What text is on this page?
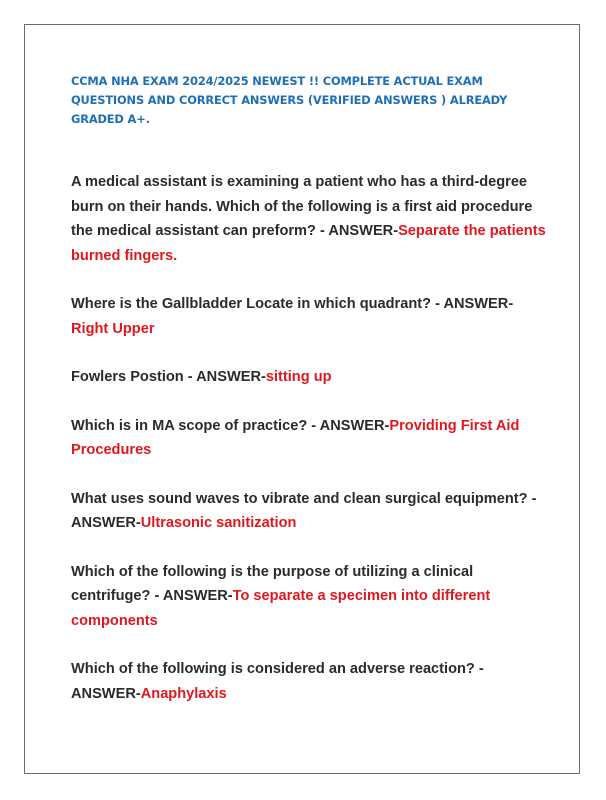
CCMA NHA EXAM 2024/2025 NEWEST !! COMPLETE ACTUAL EXAM QUESTIONS AND CORRECT ANSWERS (VERIFIED ANSWERS ) ALREADY GRADED A+.

A medical assistant is examining a patient who has a third-degree burn on their hands. Which of the following is a first aid procedure the medical assistant can preform? - ANSWER-Separate the patients burned fingers.

Where is the Gallbladder Locate in which quadrant? - ANSWER-Right Upper

Fowlers Postion - ANSWER-sitting up

Which is in MA scope of practice? - ANSWER-Providing First Aid Procedures

What uses sound waves to vibrate and clean surgical equipment? - ANSWER-Ultrasonic sanitization

Which of the following is the purpose of utilizing a clinical centrifuge? - ANSWER-To separate a specimen into different components

Which of the following is considered an adverse reaction? - ANSWER-Anaphylaxis
